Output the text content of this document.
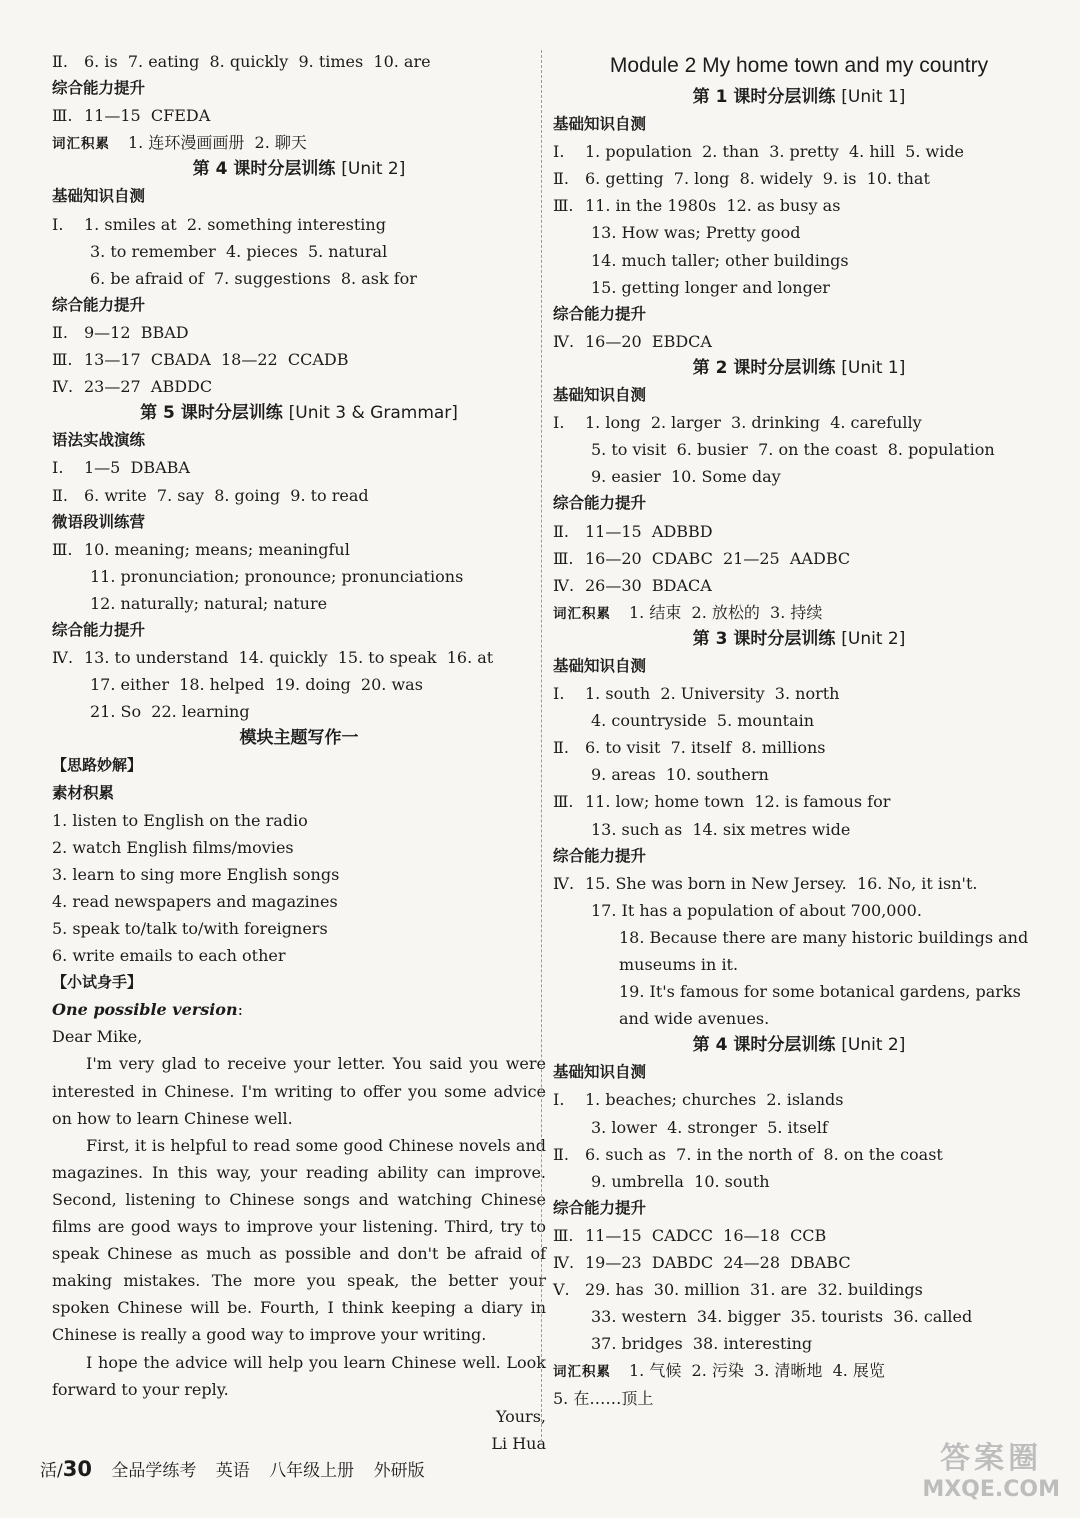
Ⅱ. 6. is  7. eating  8. quickly  9. times  10. are
综合能力提升
Ⅲ. 11—15  CFEDA
词汇积累 1. 连环漫画画册  2. 聊天
第 4 课时分层训练 [Unit 2]
基础知识自测
Ⅰ. 1. smiles at  2. something interesting
3. to remember  4. pieces  5. natural
6. be afraid of  7. suggestions  8. ask for
综合能力提升
Ⅱ. 9—12  BBAD
Ⅲ. 13—17  CBADA  18—22  CCADB
Ⅳ. 23—27  ABDDC
第 5 课时分层训练 [Unit 3 & Grammar]
语法实战演练
Ⅰ. 1—5  DBABA
Ⅱ. 6. write  7. say  8. going  9. to read
微语段训练营
Ⅲ. 10. meaning; means; meaningful
11. pronunciation; pronounce; pronunciations
12. naturally; natural; nature
综合能力提升
Ⅳ. 13. to understand  14. quickly  15. to speak  16. at
17. either  18. helped  19. doing  20. was
21. So  22. learning
模块主题写作一
【思路妙解】
素材积累
1. listen to English on the radio
2. watch English films/movies
3. learn to sing more English songs
4. read newspapers and magazines
5. speak to/talk to/with foreigners
6. write emails to each other
【小试身手】
One possible version:
Dear Mike,

I'm very glad to receive your letter. You said you were interested in Chinese. I'm writing to offer you some advice on how to learn Chinese well.

First, it is helpful to read some good Chinese novels and magazines. In this way, your reading ability can improve. Second, listening to Chinese songs and watching Chinese films are good ways to improve your listening. Third, try to speak Chinese as much as possible and don't be afraid of making mistakes. The more you speak, the better your spoken Chinese will be. Fourth, I think keeping a diary in Chinese is really a good way to improve your writing.

I hope the advice will help you learn Chinese well. Look forward to your reply.

Yours,
Li Hua
Module 2 My home town and my country
第 1 课时分层训练 [Unit 1]
基础知识自测
Ⅰ. 1. population  2. than  3. pretty  4. hill  5. wide
Ⅱ. 6. getting  7. long  8. widely  9. is  10. that
Ⅲ. 11. in the 1980s  12. as busy as
13. How was; Pretty good
14. much taller; other buildings
15. getting longer and longer
综合能力提升
Ⅳ. 16—20  EBDCA
第 2 课时分层训练 [Unit 1]
基础知识自测
Ⅰ. 1. long  2. larger  3. drinking  4. carefully
5. to visit  6. busier  7. on the coast  8. population
9. easier  10. Some day
综合能力提升
Ⅱ. 11—15  ADBBD
Ⅲ. 16—20  CDABC  21—25  AADBC
Ⅳ. 26—30  BDACA
词汇积累 1. 结束  2. 放松的  3. 持续
第 3 课时分层训练 [Unit 2]
基础知识自测
Ⅰ. 1. south  2. University  3. north
4. countryside  5. mountain
Ⅱ. 6. to visit  7. itself  8. millions
9. areas  10. southern
Ⅲ. 11. low; home town  12. is famous for
13. such as  14. six metres wide
综合能力提升
Ⅳ. 15. She was born in New Jersey.  16. No, it isn't.
17. It has a population of about 700,000.
18. Because there are many historic buildings and museums in it.
19. It's famous for some botanical gardens, parks and wide avenues.
第 4 课时分层训练 [Unit 2]
基础知识自测
Ⅰ. 1. beaches; churches  2. islands
3. lower  4. stronger  5. itself
Ⅱ. 6. such as  7. in the north of  8. on the coast
9. umbrella  10. south
综合能力提升
Ⅲ. 11—15  CADCC  16—18  CCB
Ⅳ. 19—23  DABDC  24—28  DBABC
Ⅴ. 29. has  30. million  31. are  32. buildings
33. western  34. bigger  35. tourists  36. called
37. bridges  38. interesting
词汇积累 1. 气候  2. 污染  3. 清晰地  4. 展览
5. 在……顶上
活/30 全品学练考 英语 八年级上册 外研版	答案圈
MXQE.COM
